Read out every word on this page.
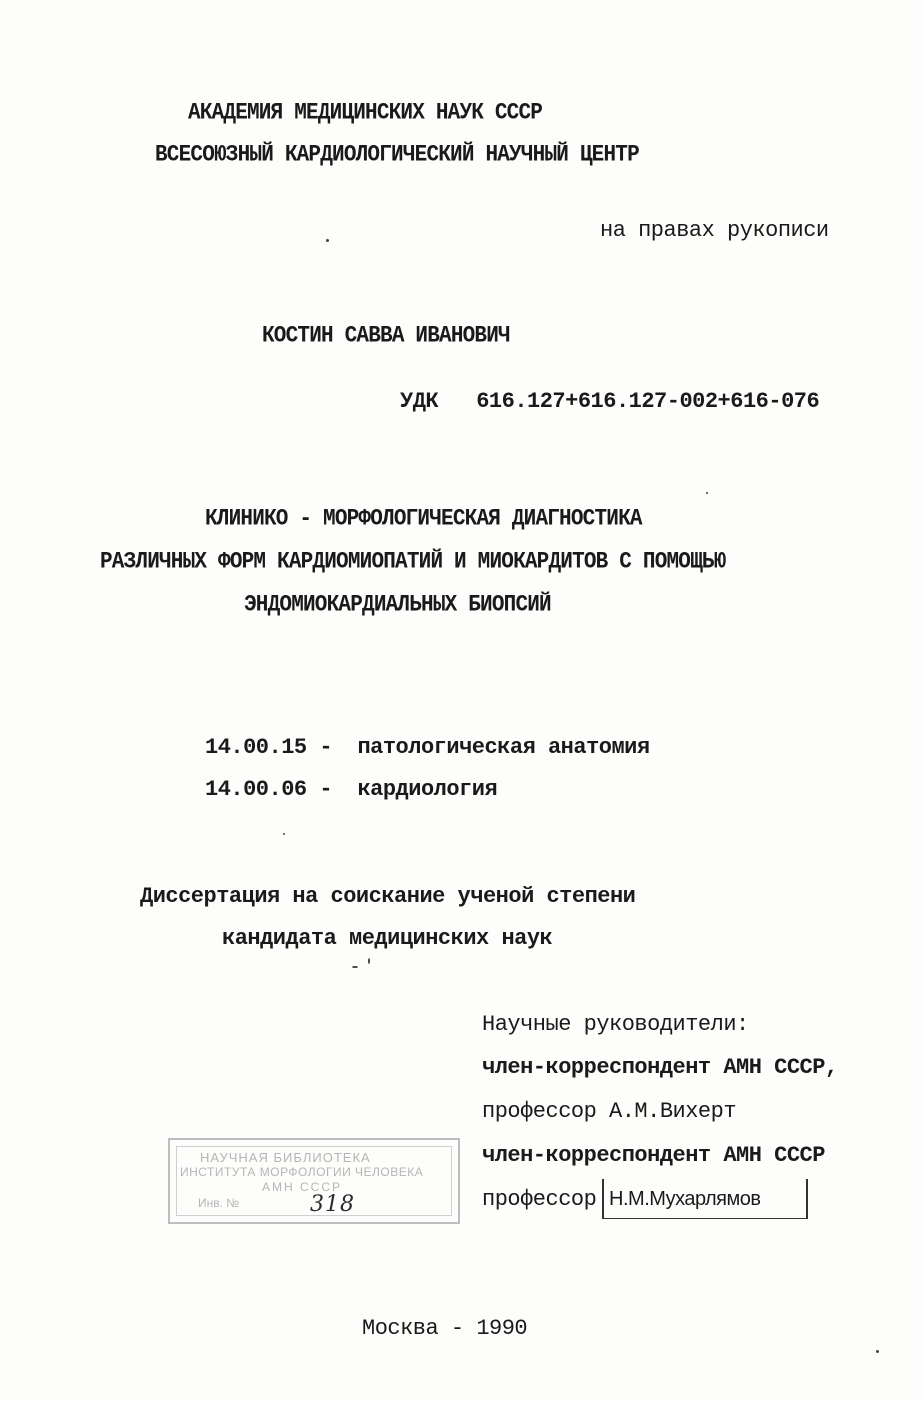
АКАДЕМИЯ МЕДИЦИНСКИХ НАУК СССР
ВСЕСОЮЗНЫЙ КАРДИОЛОГИЧЕСКИЙ НАУЧНЫЙ ЦЕНТР
на правах рукописи
КОСТИН САВВА ИВАНОВИЧ
УДК 616.127+616.127-002+616-076
КЛИНИКО - МОРФОЛОГИЧЕСКАЯ ДИАГНОСТИКА
РАЗЛИЧНЫХ ФОРМ КАРДИОМИОПАТИЙ И МИОКАРДИТОВ С ПОМОЩЬЮ
ЭНДОМИОКАРДИАЛЬНЫХ БИОПСИЙ
14.00.15 - патологическая анатомия
14.00.06 - кардиология
Диссертация на соискание ученой степени
кандидата медицинских наук
Научные руководители:
член-корреспондент АМН СССР,
профессор А.М.Вихерт
член-корреспондент АМН СССР
профессор Н.М.Мухарлямов
НАУЧНАЯ БИБЛИОТЕКА
ИНСТИТУТА МОРФОЛОГИИ ЧЕЛОВЕКА
АМН СССР
Инв. №	318
Москва - 1990
